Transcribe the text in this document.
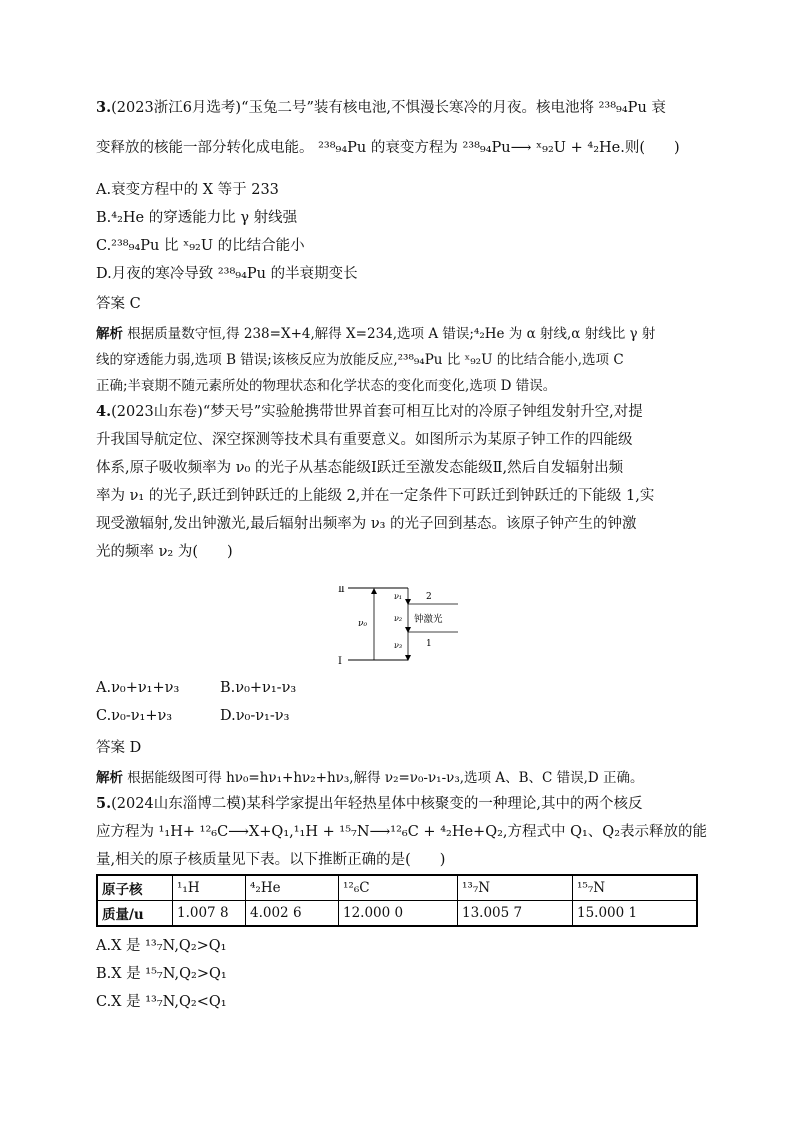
3.(2023浙江6月选考)“玉兔二号”装有核电池,不惧漫长寒冷的月夜。核电池将 ²³⁸₉₄Pu 衰
变释放的核能一部分转化成电能。 ²³⁸₉₄Pu 的衰变方程为 ²³⁸₉₄Pu⟶ ˣ₉₂U + ⁴₂He.则(　　)
A.衰变方程中的 X 等于 233
B.⁴₂He 的穿透能力比 γ 射线强
C.²³⁸₉₄Pu 比 ˣ₉₂U 的比结合能小
D.月夜的寒冷导致 ²³⁸₉₄Pu 的半衰期变长
答案 C
解析 根据质量数守恒,得 238=X+4,解得 X=234,选项 A 错误;⁴₂He 为 α 射线,α 射线比 γ 射
线的穿透能力弱,选项 B 错误;该核反应为放能反应,²³⁸₉₄Pu 比 ˣ₉₂U 的比结合能小,选项 C
正确;半衰期不随元素所处的物理状态和化学状态的变化而变化,选项 D 错误。
4.(2023山东卷)“梦天号”实验舱携带世界首套可相互比对的冷原子钟组发射升空,对提
升我国导航定位、深空探测等技术具有重要意义。如图所示为某原子钟工作的四能级
体系,原子吸收频率为 ν₀ 的光子从基态能级Ⅰ跃迁至激发态能级Ⅱ,然后自发辐射出频
率为 ν₁ 的光子,跃迁到钟跃迁的上能级 2,并在一定条件下可跃迁到钟跃迁的下能级 1,实
现受激辐射,发出钟激光,最后辐射出频率为 ν₃ 的光子回到基态。该原子钟产生的钟激
光的频率 ν₂ 为(　　)
Ⅱ
Ⅰ
ν₀
ν₁
ν₂
ν₃
2
1
钟激光
A.ν₀+ν₁+ν₃	B.ν₀+ν₁-ν₃
C.ν₀-ν₁+ν₃	D.ν₀-ν₁-ν₃
答案 D
解析 根据能级图可得 hν₀=hν₁+hν₂+hν₃,解得 ν₂=ν₀-ν₁-ν₃,选项 A、B、C 错误,D 正确。
5.(2024山东淄博二模)某科学家提出年轻热星体中核聚变的一种理论,其中的两个核反
应方程为 ¹₁H+ ¹²₆C⟶X+Q₁,¹₁H + ¹⁵₇N⟶¹²₆C + ⁴₂He+Q₂,方程式中 Q₁、Q₂表示释放的能
量,相关的原子核质量见下表。以下推断正确的是(　　)
原子核	¹₁H	⁴₂He	¹²₆C	¹³₇N	¹⁵₇N
质量/u	1.007 8	4.002 6	12.000 0	13.005 7	15.000 1
A.X 是 ¹³₇N,Q₂>Q₁
B.X 是 ¹⁵₇N,Q₂>Q₁
C.X 是 ¹³₇N,Q₂<Q₁
